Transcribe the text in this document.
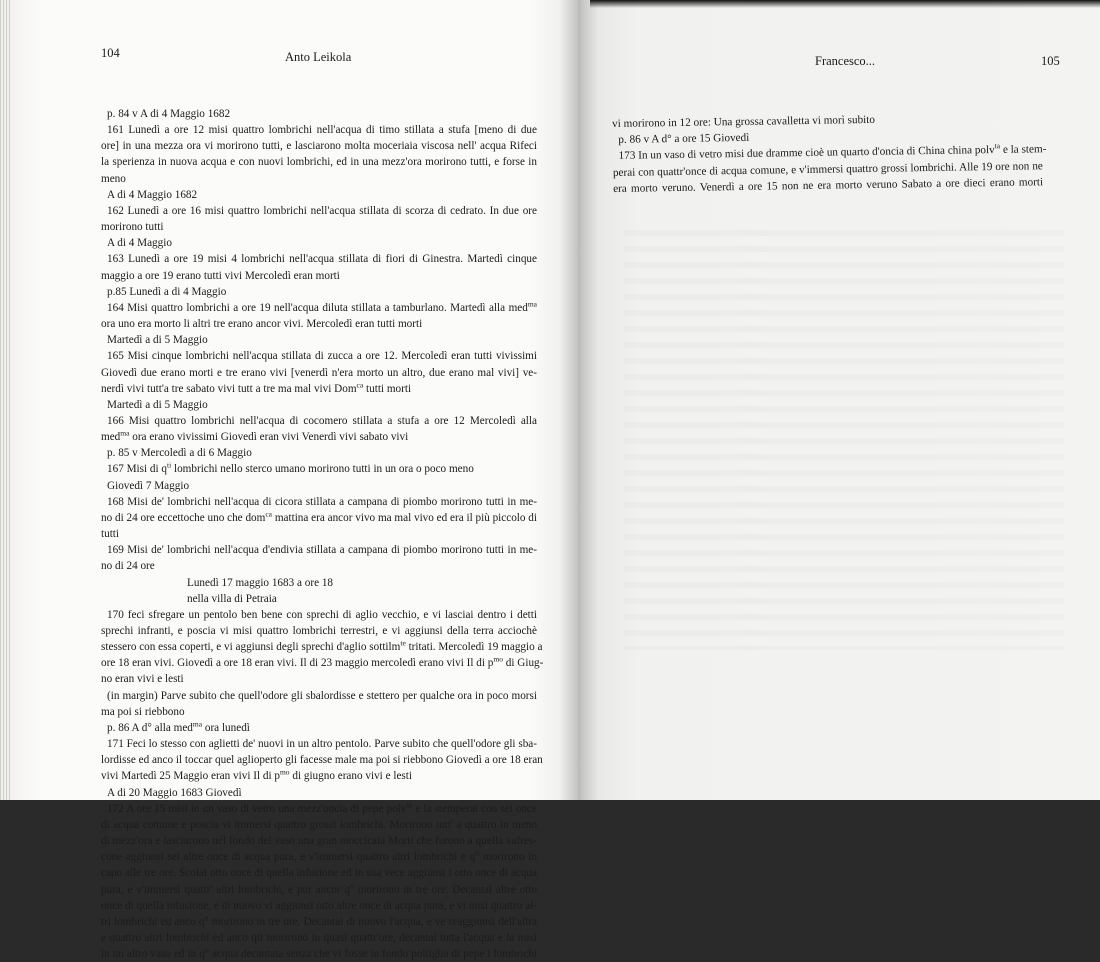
104	Anto Leikola	Francesco...	105
p. 84 v A di 4 Maggio 1682
161 Lunedì a ore 12 misi quattro lombrichi nell'acqua di timo stillata a stufa [meno di due
ore] in una mezza ora vi morirono tutti, e lasciarono molta moceriaia viscosa nell' acqua Rifeci
la sperienza in nuova acqua e con nuovi lombrichi, ed in una mezz'ora morirono tutti, e forse in
meno
A di 4 Maggio 1682
162 Lunedì a ore 16 misi quattro lombrichi nell'acqua stillata di scorza di cedrato. In due ore
morirono tutti
A di 4 Maggio
163 Lunedì a ore 19 misi 4 lombrichi nell'acqua stillata di fiori di Ginestra. Martedì cinque
maggio a ore 19 erano tutti vivi Mercoledì eran morti
p.85 Lunedì a di 4 Maggio
164 Misi quattro lombrichi a ore 19 nell'acqua diluta stillata a tamburlano. Martedì alla med$^{ma}$
ora uno era morto li altri tre erano ancor vivi. Mercoledì eran tutti morti
Martedì a di 5 Maggio
165 Misi cinque lombrichi nell'acqua stillata di zucca a ore 12. Mercoledì eran tutti vivissimi
Giovedì due erano morti e tre erano vivi [venerdì n'era morto un altro, due erano mal vivi] ve-
nerdì vivi tutt'a tre sabato vivi tutt a tre ma mal vivi Dom$^{ca}$ tutti morti
Martedì a di 5 Maggio
166 Misi quattro lombrichi nell'acqua di cocomero stillata a stufa a ore 12 Mercoledì alla
med$^{ma}$ ora erano vivissimi Giovedì eran vivi Venerdì vivi sabato vivi
p. 85 v Mercoledì a di 6 Maggio
167 Misi di $q^{ti}$ lombrichi nello sterco umano morirono tutti in un ora o poco meno
Giovedì 7 Maggio
168 Misi de' lombrichi nell'acqua di cicora stillata a campana di piombo morirono tutti in me-
no di 24 ore eccettoche uno che dom$^{ca}$ mattina era ancor vivo ma mal vivo ed era il più piccolo di
tutti
169 Misi de' lombrichi nell'acqua d'endivia stillata a campana di piombo morirono tutti in me-
no di 24 ore
Lunedì 17 maggio 1683 a ore 18
nella villa di Petraia
170 feci sfregare un pentolo ben bene con sprechi di aglio vecchio, e vi lasciai dentro i detti
sprechi infranti, e poscia vi misi quattro lombrichi terrestri, e vi aggiunsi della terra acciochè
stessero con essa coperti, e vi aggiunsi degli sprechi d'aglio sottilm$^{te}$ tritati. Mercoledì 19 maggio a
ore 18 eran vivi. Giovedì a ore 18 eran vivi. Il di 23 maggio mercoledì erano vivi Il di $p^{mo}$ di Giug-
no eran vivi e lesti
(in margin) Parve subito che quell'odore gli sbalordisse e stettero per qualche ora in poco morsi
ma poi si riebbono
p. 86 A d° alla med$^{ma}$ ora lunedì
171 Feci lo stesso con aglietti de' nuovi in un altro pentolo. Parve subito che quell'odore gli sba-
lordisse ed anco il toccar quel aglioperto gli facesse male ma poi si riebbono Giovedì a ore 18 eran
vivi Martedì 25 Maggio eran vivi Il di $p^{mo}$ di giugno erano vivi e lesti
A di 20 Maggio 1683 Giovedì
172 A ore 15 misi in un vaso di vetro una mezz'oncia di pepe polv$^{to}$ e la stemperai con sei once
di acqua comune e poscia vi immersi quattro grossi lombrichi. Morirono tutt' a quattro in meno
di mezz'ora e lasciarono nel fondo del vaso una gran moccicaia Morti che furono a quella vafres-
cone aggiunsi sei altre once di acqua pura, e v'immersi quattro altri lombrichi e $q^{ti}$ morirono in
capo alle tre ore. Scolai otto once di quella infusione ed in sua vece aggiunsi i otto once di acqua
pura, e v'immersi quattr' altri lombrichi, e pur ancor $q^{ti}$ morirono in tre ore. Decantai altre otto
once di quella infusione, e di nuovo vi aggiunsi otto altre once di acqua pura, e vi misi quattro al-
tri lombrichi ed anco $q^{ti}$ morirono in tre ore. Decantai di nuovo l'acqua, e ve reaggiunsi dell'altra
e quattro altri lombrichi ed anco qti morirono in quasi quattr'ore, decantai tutta l'acqua e la misi
in un altro vaso ed in $q^l'$ acqua decantata senza che vi fosse in fondo poltiglia di pepe i lombrichi
vi morirono in 12 ore: Una grossa cavalletta vi morì subito
p. 86 v A d° a ore 15 Giovedì
173 In un vaso di vetro misi due dramme cioè un quarto d'oncia di China china polv$^{ta}$ e la stem-
perai con quattr'once di acqua comune, e v'immersi quattro grossi lombrichi. Alle 19 ore non ne
era morto veruno. Venerdì a ore 15 non ne era morto veruno Sabato a ore dieci erano morti
